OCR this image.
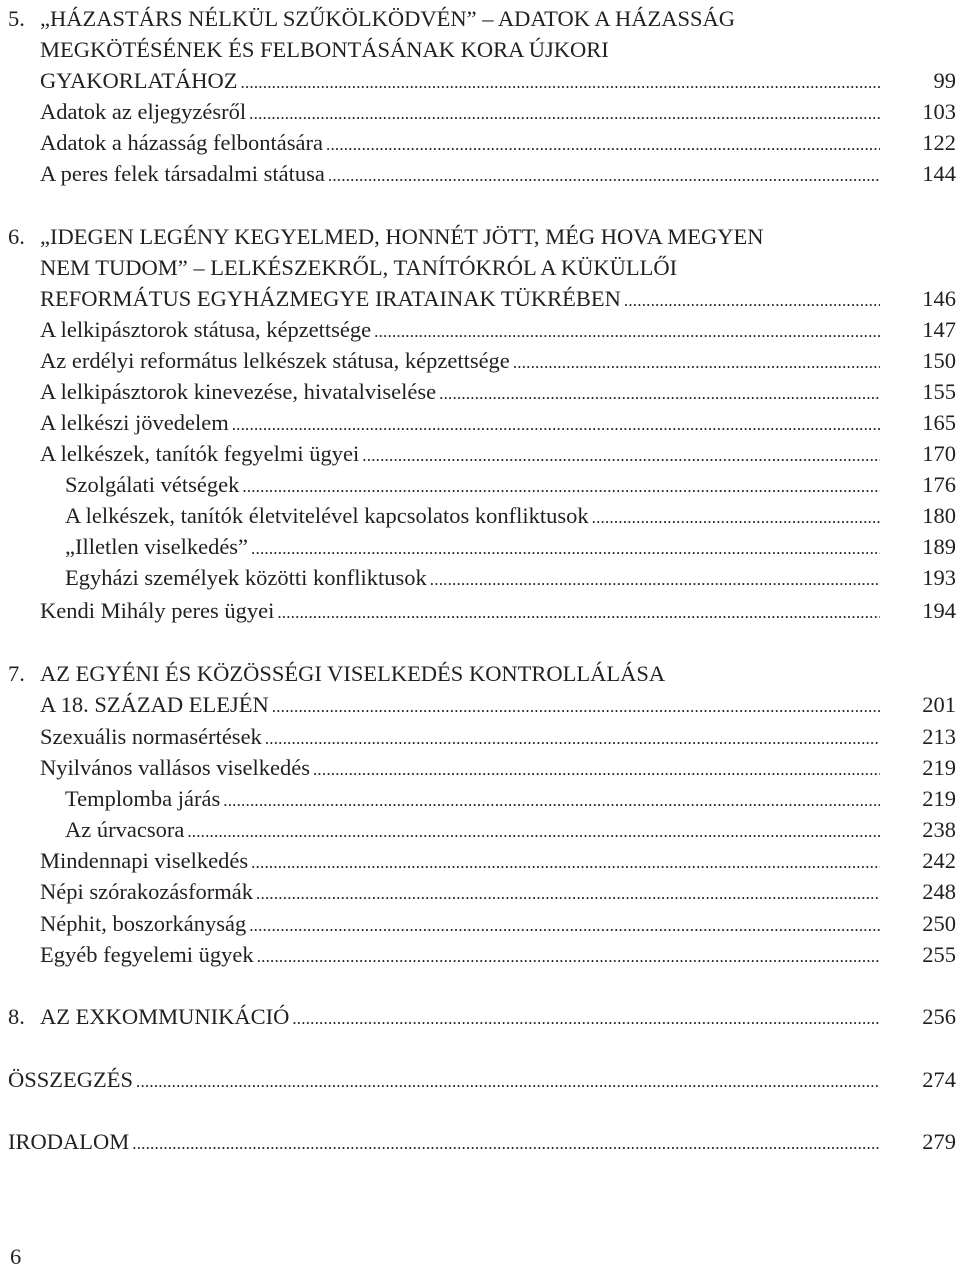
5. „HÁZASTÁRS NÉLKÜL SZŰKÖLKÖDVÉN” – ADATOK A HÁZASSÁG
MEGKÖTÉSÉNEK ÉS FELBONTÁSÁNAK KORA ÚJKORI
GYAKORLATÁHOZ .....	99
Adatok az eljegyzésről .....	103
Adatok a házasság felbontására .....	122
A peres felek társadalmi státusa .....	144
6. „IDEGEN LEGÉNY KEGYELMED, HONNÉT JÖTT, MÉG HOVA MEGYEN
NEM TUDOM” – LELKÉSZEKRŐL, TANÍTÓKRÓL A KÜKÜLLŐI
REFORMÁTUS EGYHÁZMEGYE IRATAINAK TÜKRÉBEN .....	146
A lelkipásztorok státusa, képzettsége .....	147
Az erdélyi református lelkészek státusa, képzettsége .....	150
A lelkipásztorok kinevezése, hivatalviselése .....	155
A lelkészi jövedelem .....	165
A lelkészek, tanítók fegyelmi ügyei .....	170
Szolgálati vétségek .....	176
A lelkészek, tanítók életvitelével kapcsolatos konfliktusok .....	180
„Illetlen viselkedés” .....	189
Egyházi személyek közötti konfliktusok .....	193
Kendi Mihály peres ügyei .....	194
7. AZ EGYÉNI ÉS KÖZÖSSÉGI VISELKEDÉS KONTROLLÁLÁSA
A 18. SZÁZAD ELEJÉN .....	201
Szexuális normasértések .....	213
Nyilvános vallásos viselkedés .....	219
Templomba járás .....	219
Az úrvacsora .....	238
Mindennapi viselkedés .....	242
Népi szórakozásformák .....	248
Néphit, boszorkányság .....	250
Egyéb fegyelemi ügyek .....	255
8. AZ EXKOMMUNIKÁCIÓ .....	256
ÖSSZEGZÉS .....	274
IRODALOM .....	279
6
